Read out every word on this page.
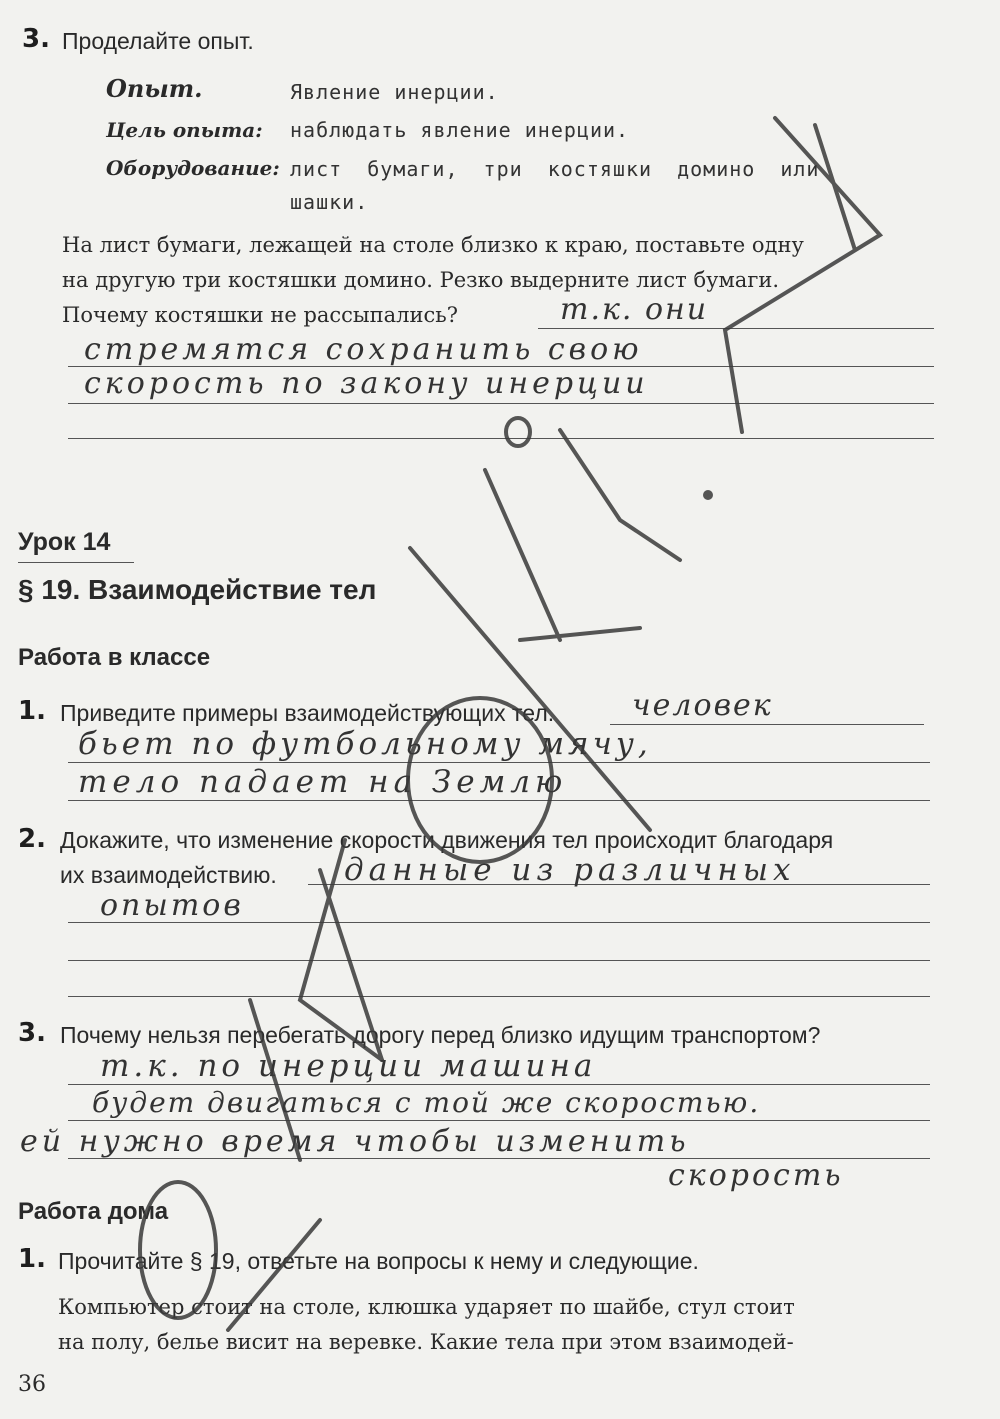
3. Проделайте опыт.
Опыт.	Явление инерции.
Цель опыта: наблюдать явление инерции.
Оборудование: лист бумаги, три костяшки домино или
шашки.
На лист бумаги, лежащей на столе близко к краю, поставьте одну
на другую три костяшки домино. Резко выдерните лист бумаги.
Почему костяшки не рассыпались?	т.к. они
стремятся сохранить свою
скорость по закону инерции
Урок 14
§ 19. Взаимодействие тел
Работа в классе
1. Приведите примеры взаимодействующих тел.	человек
бьет по футбольному мячу,
тело падает на Землю
2. Докажите, что изменение скорости движения тел происходит благодаря
их взаимодействию. данные из различных
опытов
3. Почему нельзя перебегать дорогу перед близко идущим транспортом?
т.к. по инерции машина
будет двигаться с той же скоростью.
ей нужно время чтобы изменить
скорость
Работа дома
1. Прочитайте § 19, ответьте на вопросы к нему и следующие.
Компьютер стоит на столе, клюшка ударяет по шайбе, стул стоит
на полу, белье висит на веревке. Какие тела при этом взаимодей-
36
